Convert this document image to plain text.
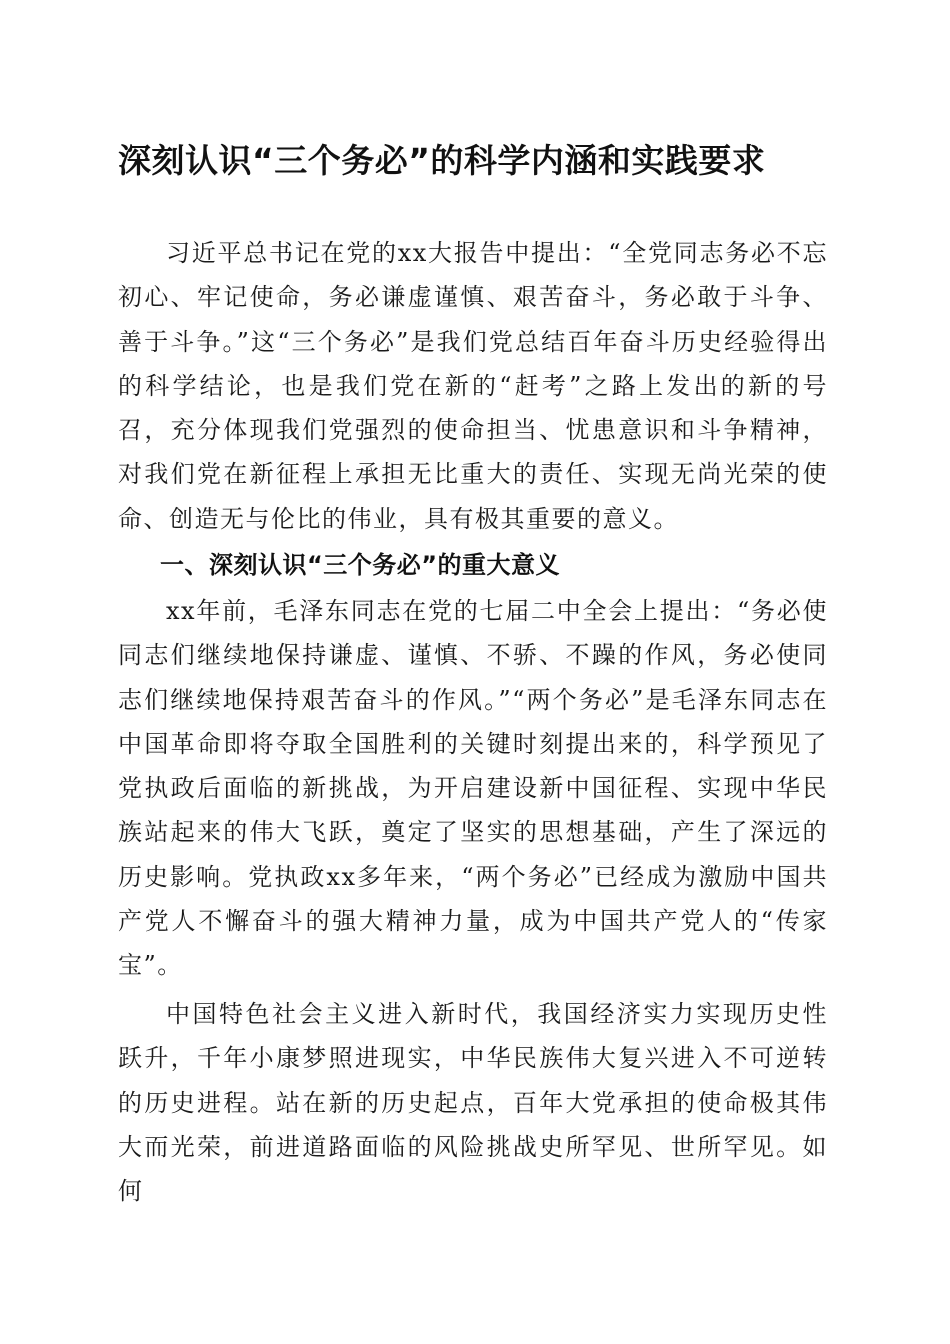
深刻认识“三个务必”的科学内涵和实践要求

习近平总书记在党的xx大报告中提出：“全党同志务必不忘初心、牢记使命，务必谦虚谨慎、艰苦奋斗，务必敢于斗争、善于斗争。”这“三个务必”是我们党总结百年奋斗历史经验得出的科学结论，也是我们党在新的“赶考”之路上发出的新的号召，充分体现我们党强烈的使命担当、忧患意识和斗争精神，对我们党在新征程上承担无比重大的责任、实现无尚光荣的使命、创造无与伦比的伟业，具有极其重要的意义。

一、深刻认识“三个务必”的重大意义

xx年前，毛泽东同志在党的七届二中全会上提出：“务必使同志们继续地保持谦虚、谨慎、不骄、不躁的作风，务必使同志们继续地保持艰苦奋斗的作风。”“两个务必”是毛泽东同志在中国革命即将夺取全国胜利的关键时刻提出来的，科学预见了党执政后面临的新挑战，为开启建设新中国征程、实现中华民族站起来的伟大飞跃，奠定了坚实的思想基础，产生了深远的历史影响。党执政xx多年来，“两个务必”已经成为激励中国共产党人不懈奋斗的强大精神力量，成为中国共产党人的“传家宝”。

中国特色社会主义进入新时代，我国经济实力实现历史性跃升，千年小康梦照进现实，中华民族伟大复兴进入不可逆转的历史进程。站在新的历史起点，百年大党承担的使命极其伟大而光荣，前进道路面临的风险挑战史所罕见、世所罕见。如何
